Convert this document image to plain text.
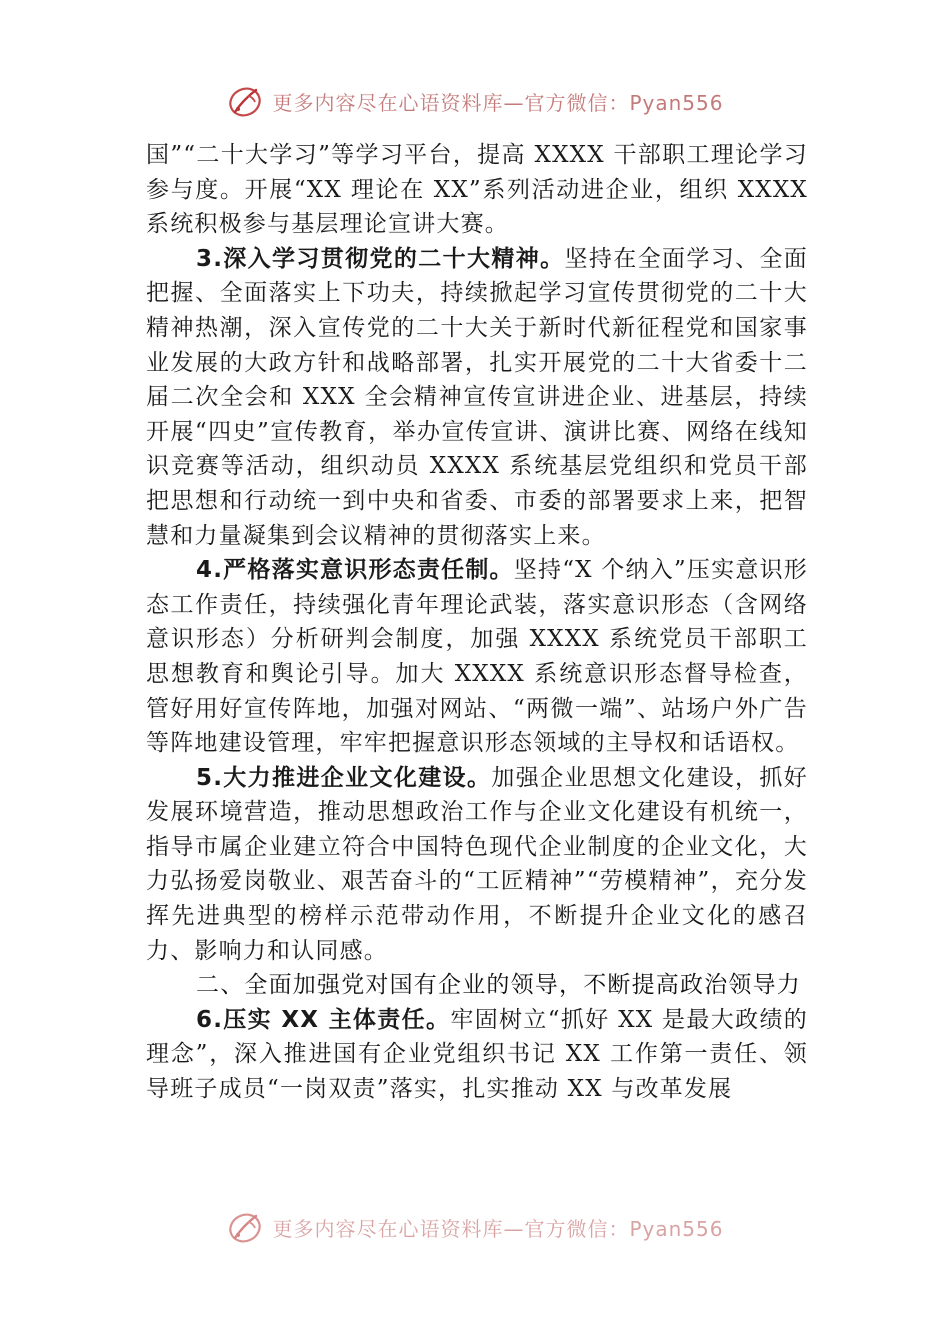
更多内容尽在心语资料库—官方微信：Pyan556

国”“二十大学习”等学习平台，提高 XXXX 干部职工理论学习参与度。开展“XX 理论在 XX”系列活动进企业，组织 XXXX 系统积极参与基层理论宣讲大赛。

3.深入学习贯彻党的二十大精神。坚持在全面学习、全面把握、全面落实上下功夫，持续掀起学习宣传贯彻党的二十大精神热潮，深入宣传党的二十大关于新时代新征程党和国家事业发展的大政方针和战略部署，扎实开展党的二十大省委十二届二次全会和 XXX 全会精神宣传宣讲进企业、进基层，持续开展“四史”宣传教育，举办宣传宣讲、演讲比赛、网络在线知识竞赛等活动，组织动员 XXXX 系统基层党组织和党员干部把思想和行动统一到中央和省委、市委的部署要求上来，把智慧和力量凝集到会议精神的贯彻落实上来。

4.严格落实意识形态责任制。坚持“X 个纳入”压实意识形态工作责任，持续强化青年理论武装，落实意识形态（含网络意识形态）分析研判会制度，加强 XXXX 系统党员干部职工思想教育和舆论引导。加大 XXXX 系统意识形态督导检查，管好用好宣传阵地，加强对网站、“两微一端”、站场户外广告等阵地建设管理，牢牢把握意识形态领域的主导权和话语权。

5.大力推进企业文化建设。加强企业思想文化建设，抓好发展环境营造，推动思想政治工作与企业文化建设有机统一，指导市属企业建立符合中国特色现代企业制度的企业文化，大力弘扬爱岗敬业、艰苦奋斗的“工匠精神”“劳模精神”，充分发挥先进典型的榜样示范带动作用，不断提升企业文化的感召力、影响力和认同感。

二、全面加强党对国有企业的领导，不断提高政治领导力

6.压实 XX 主体责任。牢固树立“抓好 XX 是最大政绩的理念”，深入推进国有企业党组织书记 XX 工作第一责任、领导班子成员“一岗双责”落实，扎实推动 XX 与改革发展

更多内容尽在心语资料库—官方微信：Pyan556
